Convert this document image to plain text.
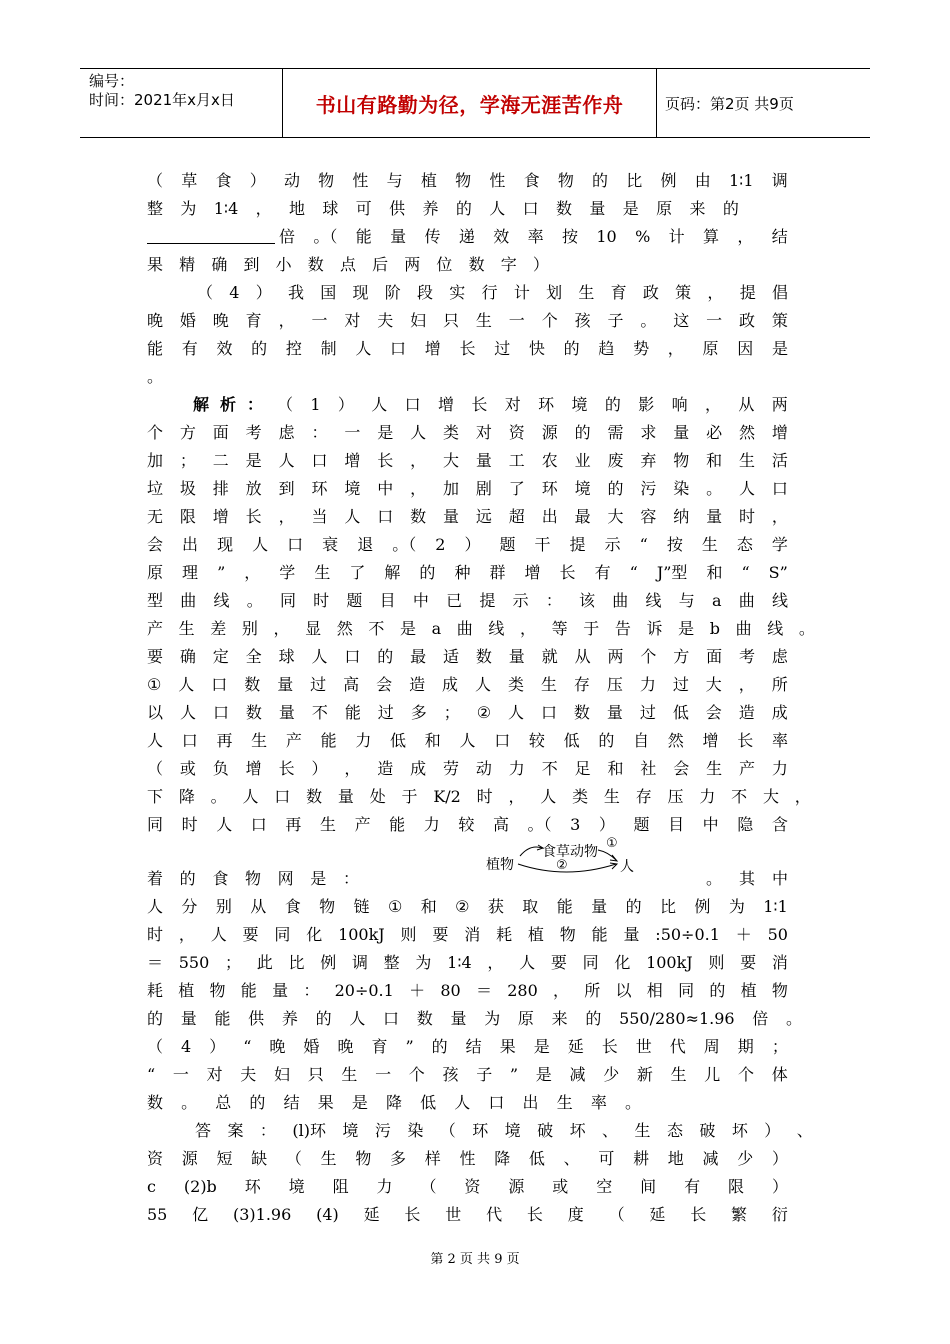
编号：
时间：2021年x月x日	书山有路勤为径，学海无涯苦作舟	页码：第2页 共9页
（ 草 食 ） 动 物 性 与 植 物 性 食 物 的 比 例 由 1∶1 调
整 为 1∶4 ， 地 球 可 供 养 的 人 口 数 量 是 原 来 的
倍 。（ 能 量 传 递 效 率 按 10 % 计 算 ， 结
果 精 确 到 小 数 点 后 两 位 数 字 ）
（ 4 ） 我 国 现 阶 段 实 行 计 划 生 育 政 策 ， 提 倡
晚 婚 晚 育 ， 一 对 夫 妇 只 生 一 个 孩 子 。 这 一 政 策
能 有 效 的 控 制 人 口 增 长 过 快 的 趋 势 ， 原 因 是
。
解 析 ： （ 1 ） 人 口 增 长 对 环 境 的 影 响 ， 从 两
个 方 面 考 虑 ： 一 是 人 类 对 资 源 的 需 求 量 必 然 增
加 ； 二 是 人 口 增 长 ， 大 量 工 农 业 废 弃 物 和 生 活
垃 圾 排 放 到 环 境 中 ， 加 剧 了 环 境 的 污 染 。 人 口
无 限 增 长 ， 当 人 口 数 量 远 超 出 最 大 容 纳 量 时 ，
会 出 现 人 口 衰 退 。（ 2 ） 题 干 提 示 “ 按 生 态 学
原 理 ” ， 学 生 了 解 的 种 群 增 长 有 “ J”型 和 “ S”
型 曲 线 。 同 时 题 目 中 已 提 示 ： 该 曲 线 与 a 曲 线
产 生 差 别 ， 显 然 不 是 a 曲 线 ， 等 于 告 诉 是 b 曲 线 。
要 确 定 全 球 人 口 的 最 适 数 量 就 从 两 个 方 面 考 虑
① 人 口 数 量 过 高 会 造 成 人 类 生 存 压 力 过 大 ， 所
以 人 口 数 量 不 能 过 多 ； ② 人 口 数 量 过 低 会 造 成
人 口 再 生 产 能 力 低 和 人 口 较 低 的 自 然 增 长 率
（ 或 负 增 长 ） ， 造 成 劳 动 力 不 足 和 社 会 生 产 力
下 降 。 人 口 数 量 处 于 K/2 时 ， 人 类 生 存 压 力 不 大 ，
同 时 人 口 再 生 产 能 力 较 高 。（ 3 ） 题 目 中 隐 含
着 的 食 物 网 是 ：	。 其 中
人 分 别 从 食 物 链 ① 和 ② 获 取 能 量 的 比 例 为 1∶1
时 ， 人 要 同 化 100kJ 则 要 消 耗 植 物 能 量 :50÷0.1 ＋ 50
＝ 550 ； 此 比 例 调 整 为 1∶4 ， 人 要 同 化 100kJ 则 要 消
耗 植 物 能 量 ： 20÷0.1 ＋ 80 ＝ 280 ， 所 以 相 同 的 植 物
的 量 能 供 养 的 人 口 数 量 为 原 来 的 550/280≈1.96 倍 。
（ 4 ） “ 晚 婚 晚 育 ” 的 结 果 是 延 长 世 代 周 期 ；
“ 一 对 夫 妇 只 生 一 个 孩 子 ” 是 减 少 新 生 儿 个 体
数 。 总 的 结 果 是 降 低 人 口 出 生 率 。
答 案 ： (l)环 境 污 染 （ 环 境 破 坏 、 生 态 破 坏 ） 、
资 源 短 缺 （ 生 物 多 样 性 降 低 、 可 耕 地 减 少 ）
c (2)b 环 境 阻 力 （ 资 源 或 空 间 有 限 ）
55 亿 (3)1.96 (4) 延 长 世 代 长 度 （ 延 长 繁 衍
植物
食草动物
①
②	人
第 2 页 共 9 页
